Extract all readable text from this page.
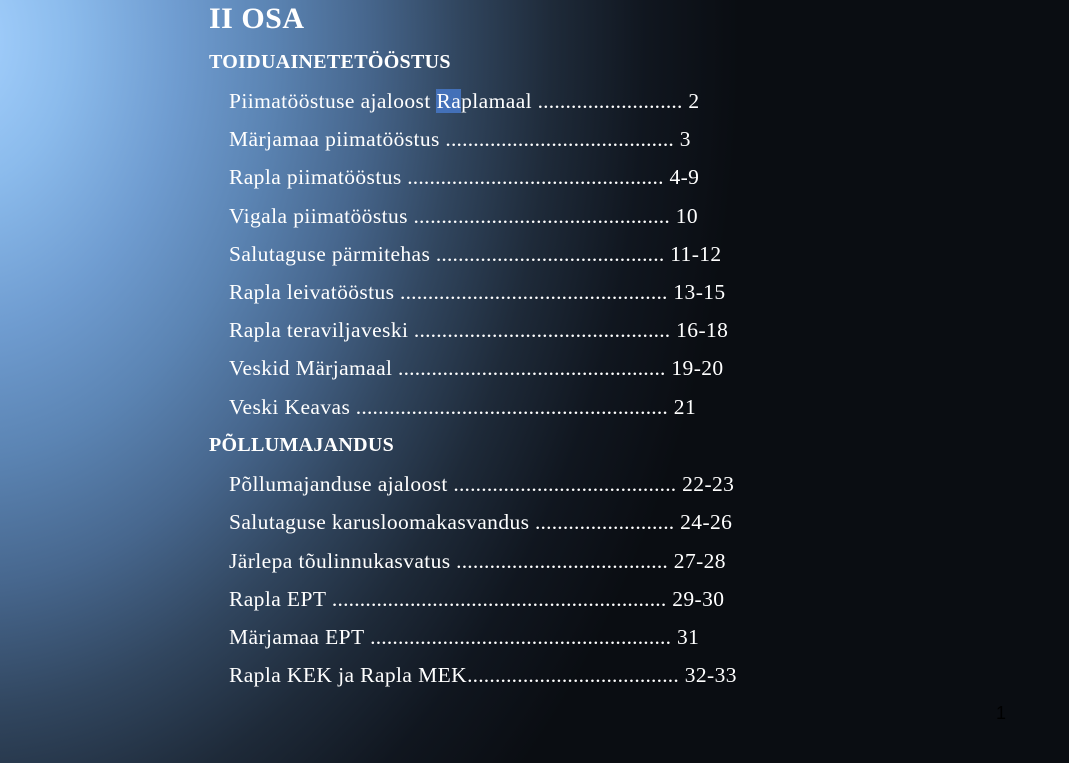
II OSA
TOIDUAINETETÖÖSTUS
Piimatööstuse ajaloost Raplamaal .......................... 2
Märjamaa piimatööstus ......................................... 3
Rapla piimatööstus .............................................. 4-9
Vigala piimatööstus .............................................. 10
Salutaguse pärmitehas ......................................... 11-12
Rapla leivatööstus ................................................ 13-15
Rapla teraviljaveski .............................................. 16-18
Veskid Märjamaal ................................................ 19-20
Veski Keavas ........................................................ 21
PÕLLUMAJANDUS
Põllumajanduse ajaloost ........................................ 22-23
Salutaguse karusloomakasvandus ......................... 24-26
Järlepa tõulinnukasvatus ...................................... 27-28
Rapla EPT ............................................................ 29-30
Märjamaa EPT ...................................................... 31
Rapla KEK ja Rapla MEK...................................... 32-33
1
